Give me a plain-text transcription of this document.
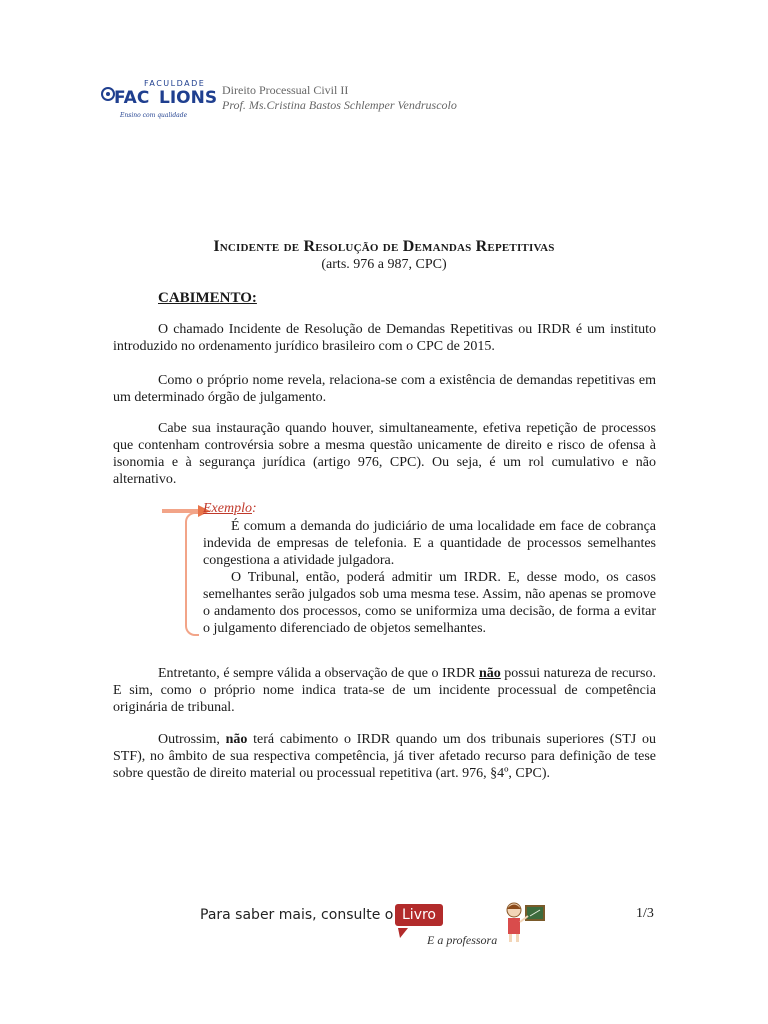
FACULDADE
FAC LIONS
Ensino com qualidade
Direito Processual Civil II
Prof. Ms.Cristina Bastos Schlemper Vendruscolo
Incidente de Resolução de Demandas Repetitivas
(arts. 976 a 987, CPC)
CABIMENTO:

O chamado Incidente de Resolução de Demandas Repetitivas ou IRDR é um instituto introduzido no ordenamento jurídico brasileiro com o CPC de 2015.

Como o próprio nome revela, relaciona-se com a existência de demandas repetitivas em um determinado órgão de julgamento.

Cabe sua instauração quando houver, simultaneamente, efetiva repetição de processos que contenham controvérsia sobre a mesma questão unicamente de direito e risco de ofensa à isonomia e à segurança jurídica (artigo 976, CPC). Ou seja, é um rol cumulativo e não alternativo.

Exemplo:

É comum a demanda do judiciário de uma localidade em face de cobrança indevida de empresas de telefonia. E a quantidade de processos semelhantes congestiona a atividade julgadora.

O Tribunal, então, poderá admitir um IRDR. E, desse modo, os casos semelhantes serão julgados sob uma mesma tese. Assim, não apenas se promove o andamento dos processos, como se uniformiza uma decisão, de forma a evitar o julgamento diferenciado de objetos semelhantes.

Entretanto, é sempre válida a observação de que o IRDR não possui natureza de recurso. E sim, como o próprio nome indica trata-se de um incidente processual de competência originária de tribunal.

Outrossim, não terá cabimento o IRDR quando um dos tribunais superiores (STJ ou STF), no âmbito de sua respectiva competência, já tiver afetado recurso para definição de tese sobre questão de direito material ou processual repetitiva (art. 976, §4º, CPC).

Para saber mais, consulte o Livro
E a professora
1/3
